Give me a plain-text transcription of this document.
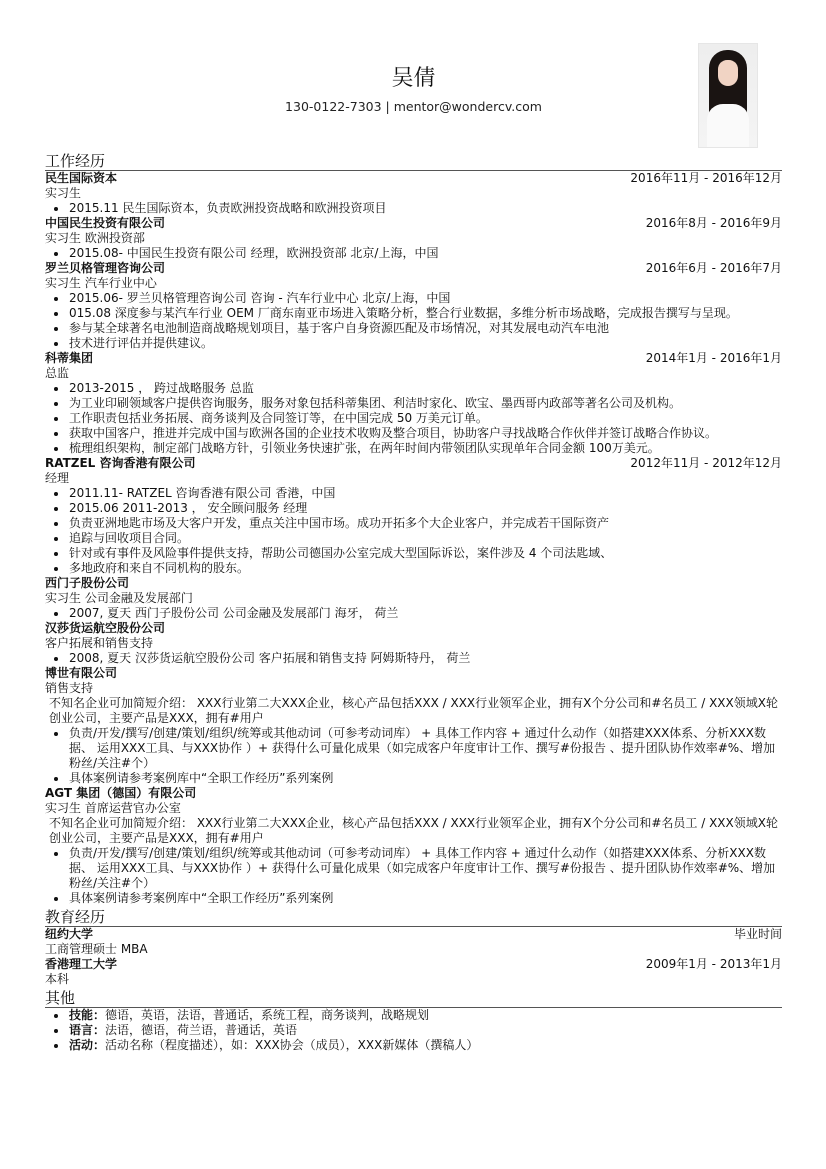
吴倩
130-0122-7303 | mentor@wondercv.com
工作经历
民生国际资本	2016年11月 - 2016年12月
实习生
2015.11 民生国际资本，负责欧洲投资战略和欧洲投资项目
中国民生投资有限公司	2016年8月 - 2016年9月
实习生 欧洲投资部
2015.08- 中国民生投资有限公司 经理，欧洲投资部 北京/上海，中国
罗兰贝格管理咨询公司	2016年6月 - 2016年7月
实习生 汽车行业中心
2015.06- 罗兰贝格管理咨询公司 咨询 - 汽车行业中心 北京/上海，中国
015.08 深度参与某汽车行业 OEM 厂商东南亚市场进入策略分析，整合行业数据，多维分析市场战略，完成报告撰写与呈现。
参与某全球著名电池制造商战略规划项目，基于客户自身资源匹配及市场情况，对其发展电动汽车电池
技术进行评估并提供建议。
科蒂集团	2014年1月 - 2016年1月
总监
2013-2015 ， 跨过战略服务 总监
为工业印刷领域客户提供咨询服务，服务对象包括科蒂集团、利洁时家化、欧宝、墨西哥内政部等著名公司及机构。
工作职责包括业务拓展、商务谈判及合同签订等，在中国完成 50 万美元订单。
获取中国客户，推进并完成中国与欧洲各国的企业技术收购及整合项目，协助客户寻找战略合作伙伴并签订战略合作协议。
梳理组织架构，制定部门战略方针，引领业务快速扩张，在两年时间内带领团队实现单年合同金额 100万美元。
RATZEL 咨询香港有限公司	2012年11月 - 2012年12月
经理
2011.11- RATZEL 咨询香港有限公司 香港，中国
2015.06 2011-2013 ， 安全顾问服务 经理
负责亚洲地匙市场及大客户开发，重点关注中国市场。成功开拓多个大企业客户，并完成若干国际资产
追踪与回收项目合同。
针对或有事件及风险事件提供支持，帮助公司德国办公室完成大型国际诉讼，案件涉及 4 个司法匙域、
多地政府和来自不同机构的股东。
西门子股份公司
实习生 公司金融及发展部门
2007, 夏天 西门子股份公司 公司金融及发展部门 海牙， 荷兰
汉莎货运航空股份公司
客户拓展和销售支持
2008, 夏天 汉莎货运航空股份公司 客户拓展和销售支持 阿姆斯特丹， 荷兰
博世有限公司
销售支持
不知名企业可加简短介绍： XXX行业第二大XXX企业，核心产品包括XXX / XXX行业领军企业，拥有X个分公司和#名员工 / XXX领域X轮创业公司，主要产品是XXX，拥有#用户
负责/开发/撰写/创建/策划/组织/统筹或其他动词（可参考动词库） + 具体工作内容 + 通过什么动作（如搭建XXX体系、分析XXX数据、 运用XXX工具、与XXX协作 ）+ 获得什么可量化成果（如完成客户年度审计工作、撰写#份报告 、提升团队协作效率#%、增加粉丝/关注#个）
具体案例请参考案例库中“全职工作经历”系列案例
AGT 集团（德国）有限公司
实习生 首席运营官办公室
不知名企业可加简短介绍： XXX行业第二大XXX企业，核心产品包括XXX / XXX行业领军企业，拥有X个分公司和#名员工 / XXX领域X轮创业公司，主要产品是XXX，拥有#用户
负责/开发/撰写/创建/策划/组织/统筹或其他动词（可参考动词库） + 具体工作内容 + 通过什么动作（如搭建XXX体系、分析XXX数据、 运用XXX工具、与XXX协作 ）+ 获得什么可量化成果（如完成客户年度审计工作、撰写#份报告 、提升团队协作效率#%、增加粉丝/关注#个）
具体案例请参考案例库中“全职工作经历”系列案例
教育经历
纽约大学	毕业时间
工商管理硕士 MBA
香港理工大学	2009年1月 - 2013年1月
本科
其他
技能：德语，英语，法语，普通话，系统工程，商务谈判，战略规划
语言：法语，德语，荷兰语，普通话，英语
活动：活动名称（程度描述），如：XXX协会（成员），XXX新媒体（撰稿人）
